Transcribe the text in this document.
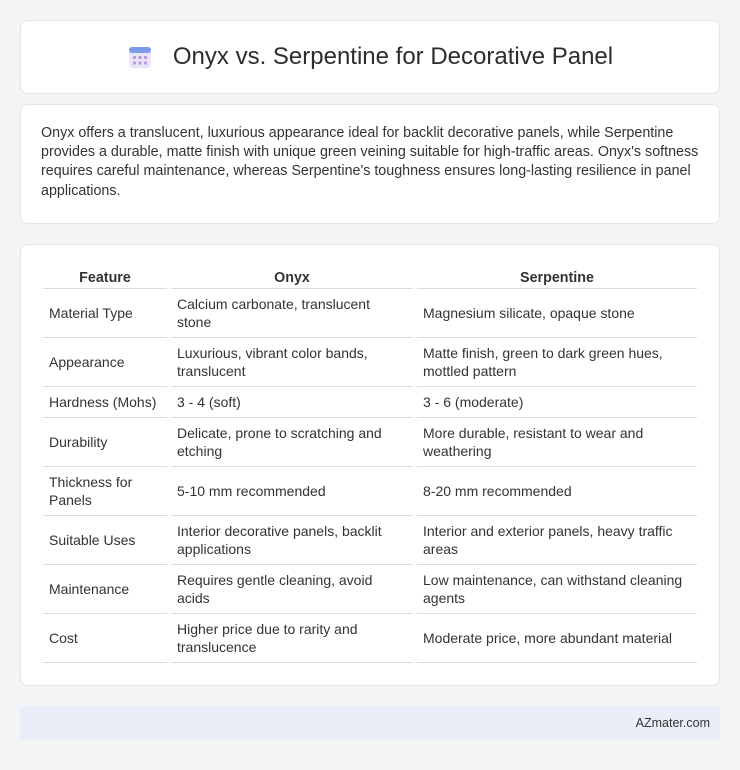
Onyx vs. Serpentine for Decorative Panel

Onyx offers a translucent, luxurious appearance ideal for backlit decorative panels, while Serpentine provides a durable, matte finish with unique green veining suitable for high-traffic areas. Onyx's softness requires careful maintenance, whereas Serpentine's toughness ensures long-lasting resilience in panel applications.

Feature	Onyx	Serpentine
Material Type	Calcium carbonate, translucent stone	Magnesium silicate, opaque stone
Appearance	Luxurious, vibrant color bands, translucent	Matte finish, green to dark green hues, mottled pattern
Hardness (Mohs)	3 - 4 (soft)	3 - 6 (moderate)
Durability	Delicate, prone to scratching and etching	More durable, resistant to wear and weathering
Thickness for Panels	5-10 mm recommended	8-20 mm recommended
Suitable Uses	Interior decorative panels, backlit applications	Interior and exterior panels, heavy traffic areas
Maintenance	Requires gentle cleaning, avoid acids	Low maintenance, can withstand cleaning agents
Cost	Higher price due to rarity and translucence	Moderate price, more abundant material
AZmater.com
